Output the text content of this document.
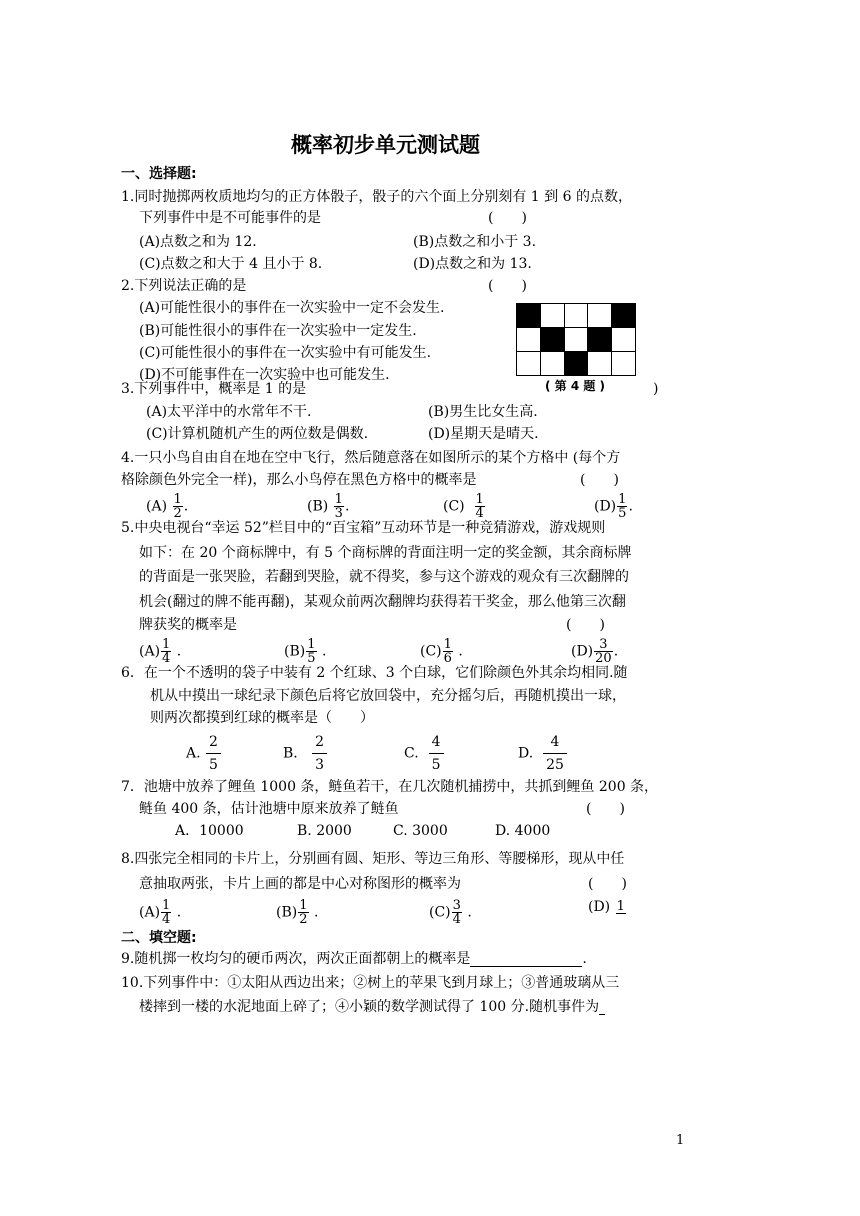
概率初步单元测试题
一、选择题:
1.同时抛掷两枚质地均匀的正方体骰子，骰子的六个面上分别刻有 1 到 6 的点数，
下列事件中是不可能事件的是	(　　)
(A)点数之和为 12.	(B)点数之和小于 3.
(C)点数之和大于 4 且小于 8.	(D)点数之和为 13.
2.下列说法正确的是	(　　)
(A)可能性很小的事件在一次实验中一定不会发生.
(B)可能性很小的事件在一次实验中一定发生.
(C)可能性很小的事件在一次实验中有可能发生.
(D)不可能事件在一次实验中也可能发生.
( 第 4 题 )
3.下列事件中，概率是 1 的是	)
(A)太平洋中的水常年不干.	(B)男生比女生高.
(C)计算机随机产生的两位数是偶数.	(D)星期天是晴天.
4.一只小鸟自由自在地在空中飞行，然后随意落在如图所示的某个方格中 (每个方
格除颜色外完全一样)，那么小鸟停在黑色方格中的概率是	(　　)
$(A) \frac{1}{2}$ .	$(B) \frac{1}{3}$ .	$(C) \frac{1}{4}$	$(D) \frac{1}{5}$ .
5.中央电视台“幸运 52”栏目中的“百宝箱”互动环节是一种竞猜游戏，游戏规则
如下：在 20 个商标牌中，有 5 个商标牌的背面注明一定的奖金额，其余商标牌
的背面是一张哭脸，若翻到哭脸，就不得奖，参与这个游戏的观众有三次翻牌的
机会(翻过的牌不能再翻)，某观众前两次翻牌均获得若干奖金，那么他第三次翻
牌获奖的概率是	(　　)
$(A) \frac{1}{4}$ .	$(B) \frac{1}{5}$ .	$(C) \frac{1}{6}$ .	$(D) \frac{3}{20}$ .
6．在一个不透明的袋子中装有 2 个红球、3 个白球，它们除颜色外其余均相同.随
机从中摸出一球纪录下颜色后将它放回袋中，充分摇匀后，再随机摸出一球，
则两次都摸到红球的概率是（　　）
A. $\frac{2}{5}$	B. $\frac{2}{3}$	C. $\frac{4}{5}$	D. $\frac{4}{25}$
7．池塘中放养了鲤鱼 1000 条，鲢鱼若干，在几次随机捕捞中，共抓到鲤鱼 200 条，
鲢鱼 400 条，估计池塘中原来放养了鲢鱼	(　　)
A．10000	B. 2000	C. 3000	D. 4000
8.四张完全相同的卡片上，分别画有圆、矩形、等边三角形、等腰梯形，现从中任
意抽取两张，卡片上画的都是中心对称图形的概率为	(　　)
$(A) \frac{1}{4}$ .	$(B) \frac{1}{2}$ .	$(C) \frac{3}{4}$ .	(D) 1
二、填空题:
9.随机掷一枚均匀的硬币两次，两次正面都朝上的概率是	.
10.下列事件中：①太阳从西边出来；②树上的苹果飞到月球上；③普通玻璃从三
楼摔到一楼的水泥地面上碎了；④小颖的数学测试得了 100 分.随机事件为
1
